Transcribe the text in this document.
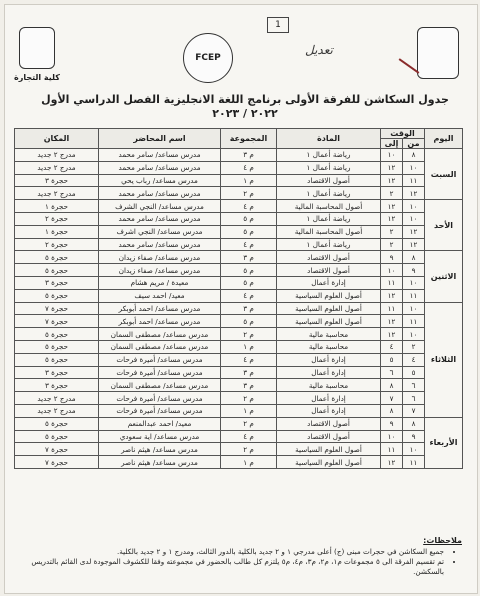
كلية التجارة
FCEP
1
تعديل
جدول السكاشن للفرقة الأولى برنامج اللغة الانجليزية الفصل الدراسي الأول ٢٠٢٢ / ٢٠٢٣
اليوم	الوقت		المادة	المجموعة	اسم المحاضر	المكان
	من	إلى				
السبت	٨	١٠	رياضة أعمال ١	م ٣	مدرس مساعد/ سامر محمد	مدرج ٢ جديد
	١٠	١٢	رياضة أعمال ١	م ٤	مدرس مساعد/ سامر محمد	مدرج ٢ جديد
	١١	١٢	أصول الاقتصاد	م ١	مدرس مساعد/ رباب يحي	حجرة ٣
	١٢	٢	رياضة أعمال ١	م ٢	مدرس مساعد/ سامر محمد	مدرج ٢ جديد
الأحد	١٠	١٢	أصول المحاسبة المالية	م ٤	مدرس مساعد/ النجي الشرف	حجرة ١
	١٠	١٢	رياضة أعمال ١	م ٥	مدرس مساعد/ سامر محمد	حجرة ٢
	١٢	٢	أصول المحاسبة المالية	م ٥	مدرس مساعد/ النجي اشرف	حجرة ١
	١٢	٢	رياضة أعمال ١	م ٤	مدرس مساعد/ سامر محمد	حجرة ٢
الاثنين	٨	٩	أصول الاقتصاد	م ٣	مدرس مساعد/ صفاء زيدان	حجرة ٥
	٩	١٠	أصول الاقتصاد	م ٥	مدرس مساعد/ صفاء زيدان	حجرة ٥
	١٠	١١	إدارة أعمال	م ٥	معيدة / مريم هشام	حجرة ٣
	١١	١٢	أصول العلوم السياسية	م ٤	معيد/ احمد سيف	حجرة ٥
الثلاثاء	١٠	١١	أصول العلوم السياسية	م ٣	مدرس مساعد/ احمد أبوبكر	حجرة ٧
	١١	١٢	أصول العلوم السياسية	م ٥	مدرس مساعد/ احمد أبوبكر	حجرة ٧
	١٠	١٢	محاسبة مالية	م ٢	مدرس مساعد/ مصطفى السمان	حجرة ٥
	٢	٤	محاسبة مالية	م ١	مدرس مساعد/ مصطفى السمان	حجرة ٥
	٤	٥	إدارة أعمال	م ٤	مدرس مساعد/ أميرة فرحات	حجرة ٥
	٥	٦	إدارة أعمال	م ٣	مدرس مساعد/ أميرة فرحات	حجرة ٣
	٦	٨	محاسبة مالية	م ٣	مدرس مساعد/ مصطفى السمان	حجرة ٣
	٦	٧	إدارة أعمال	م ٢	مدرس مساعد/ أميرة فرحات	مدرج ٢ جديد
	٧	٨	إدارة أعمال	م ١	مدرس مساعد/ أميرة فرحات	مدرج ٢ جديد
الأربعاء	٨	٩	أصول الاقتصاد	م ٢	معيد/ احمد عبدالمنعم	حجرة ٥
	٩	١٠	أصول الاقتصاد	م ٤	مدرس مساعد/ اية سعودي	حجرة ٥
	١٠	١١	أصول العلوم السياسية	م ٢	مدرس مساعد/ هيثم ناصر	حجرة ٧
	١١	١٢	أصول العلوم السياسية	م ١	مدرس مساعد/ هيثم ناصر	حجرة ٧
ملاحظات:
• جميع السكاشن في حجرات مبنى (ج) أعلى مدرجي ١ و ٢ جديد بالكلية بالدور الثالث، ومدرج ١ و ٢ جديد بالكلية.
• تم تقسيم الفرقة الى ٥ مجموعات م١، م٢، م٣، م٤، م٥ يلتزم كل طالب بالحضور في مجموعته وفقا للكشوف الموجودة لدى القائم بالتدريس بالسكشن.
